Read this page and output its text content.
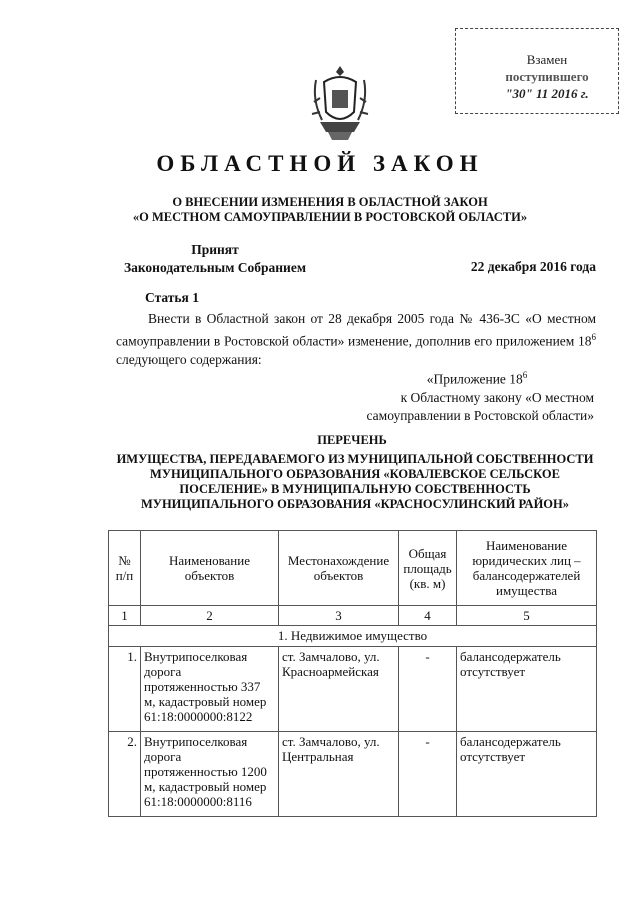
Взамен
поступившего
"30" 11 2016 г.
ОБЛАСТНОЙ ЗАКОН
О ВНЕСЕНИИ ИЗМЕНЕНИЯ В ОБЛАСТНОЙ ЗАКОН
«О МЕСТНОМ САМОУПРАВЛЕНИИ В РОСТОВСКОЙ ОБЛАСТИ»
Принят
Законодательным Собранием	22 декабря 2016 года
Статья 1
Внести в Областной закон от 28 декабря 2005 года № 436-ЗС «О местном самоуправлении в Ростовской области» изменение, дополнив его приложением $18^6$ следующего содержания:
«Приложение $18^6$
к Областному закону «О местном
самоуправлении в Ростовской области»
ПЕРЕЧЕНЬ
ИМУЩЕСТВА, ПЕРЕДАВАЕМОГО ИЗ МУНИЦИПАЛЬНОЙ СОБСТВЕННОСТИ
МУНИЦИПАЛЬНОГО ОБРАЗОВАНИЯ «КОВАЛЕВСКОЕ СЕЛЬСКОЕ
ПОСЕЛЕНИЕ» В МУНИЦИПАЛЬНУЮ СОБСТВЕННОСТЬ
МУНИЦИПАЛЬНОГО ОБРАЗОВАНИЯ «КРАСНОСУЛИНСКИЙ РАЙОН»
№ п/п	Наименование объектов	Местонахождение объектов	Общая площадь (кв. м)	Наименование юридических лиц – балансодержателей имущества
1	2	3	4	5
1. Недвижимое имущество				
1.	Внутрипоселковая дорога протяженностью 337 м, кадастровый номер 61:18:0000000:8122	ст. Замчалово, ул. Красноармейская	-	балансодержатель отсутствует
2.	Внутрипоселковая дорога протяженностью 1200 м, кадастровый номер 61:18:0000000:8116	ст. Замчалово, ул. Центральная	-	балансодержатель отсутствует
